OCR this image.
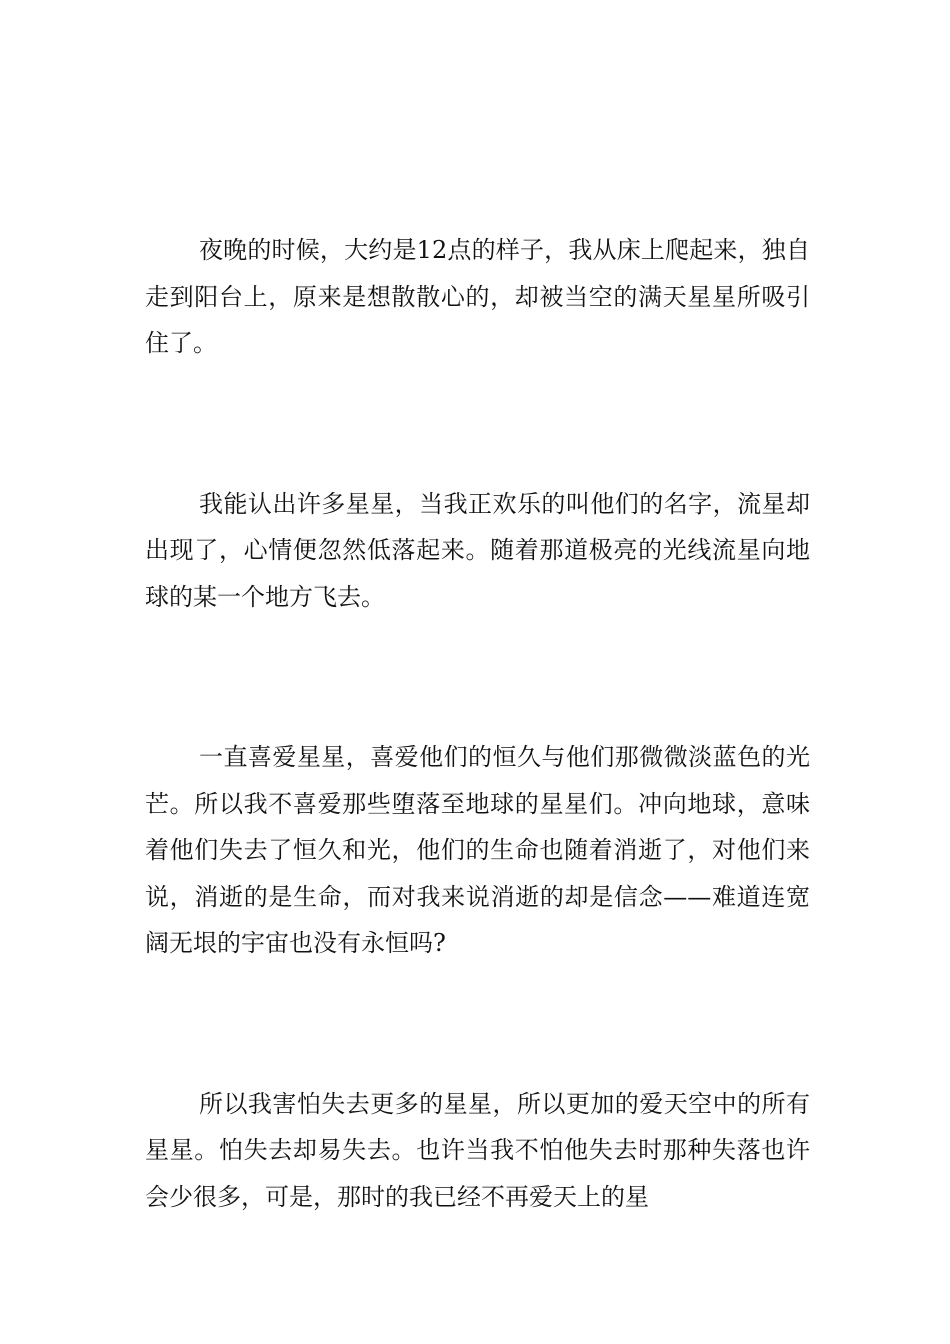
夜晚的时候，大约是12点的样子，我从床上爬起来，独自走到阳台上，原来是想散散心的，却被当空的满天星星所吸引住了。

我能认出许多星星，当我正欢乐的叫他们的名字，流星却出现了，心情便忽然低落起来。随着那道极亮的光线流星向地球的某一个地方飞去。

一直喜爱星星，喜爱他们的恒久与他们那微微淡蓝色的光芒。所以我不喜爱那些堕落至地球的星星们。冲向地球，意味着他们失去了恒久和光，他们的生命也随着消逝了，对他们来说，消逝的是生命，而对我来说消逝的却是信念——难道连宽阔无垠的宇宙也没有永恒吗?

所以我害怕失去更多的星星，所以更加的爱天空中的所有星星。怕失去却易失去。也许当我不怕他失去时那种失落也许会少很多，可是，那时的我已经不再爱天上的星
